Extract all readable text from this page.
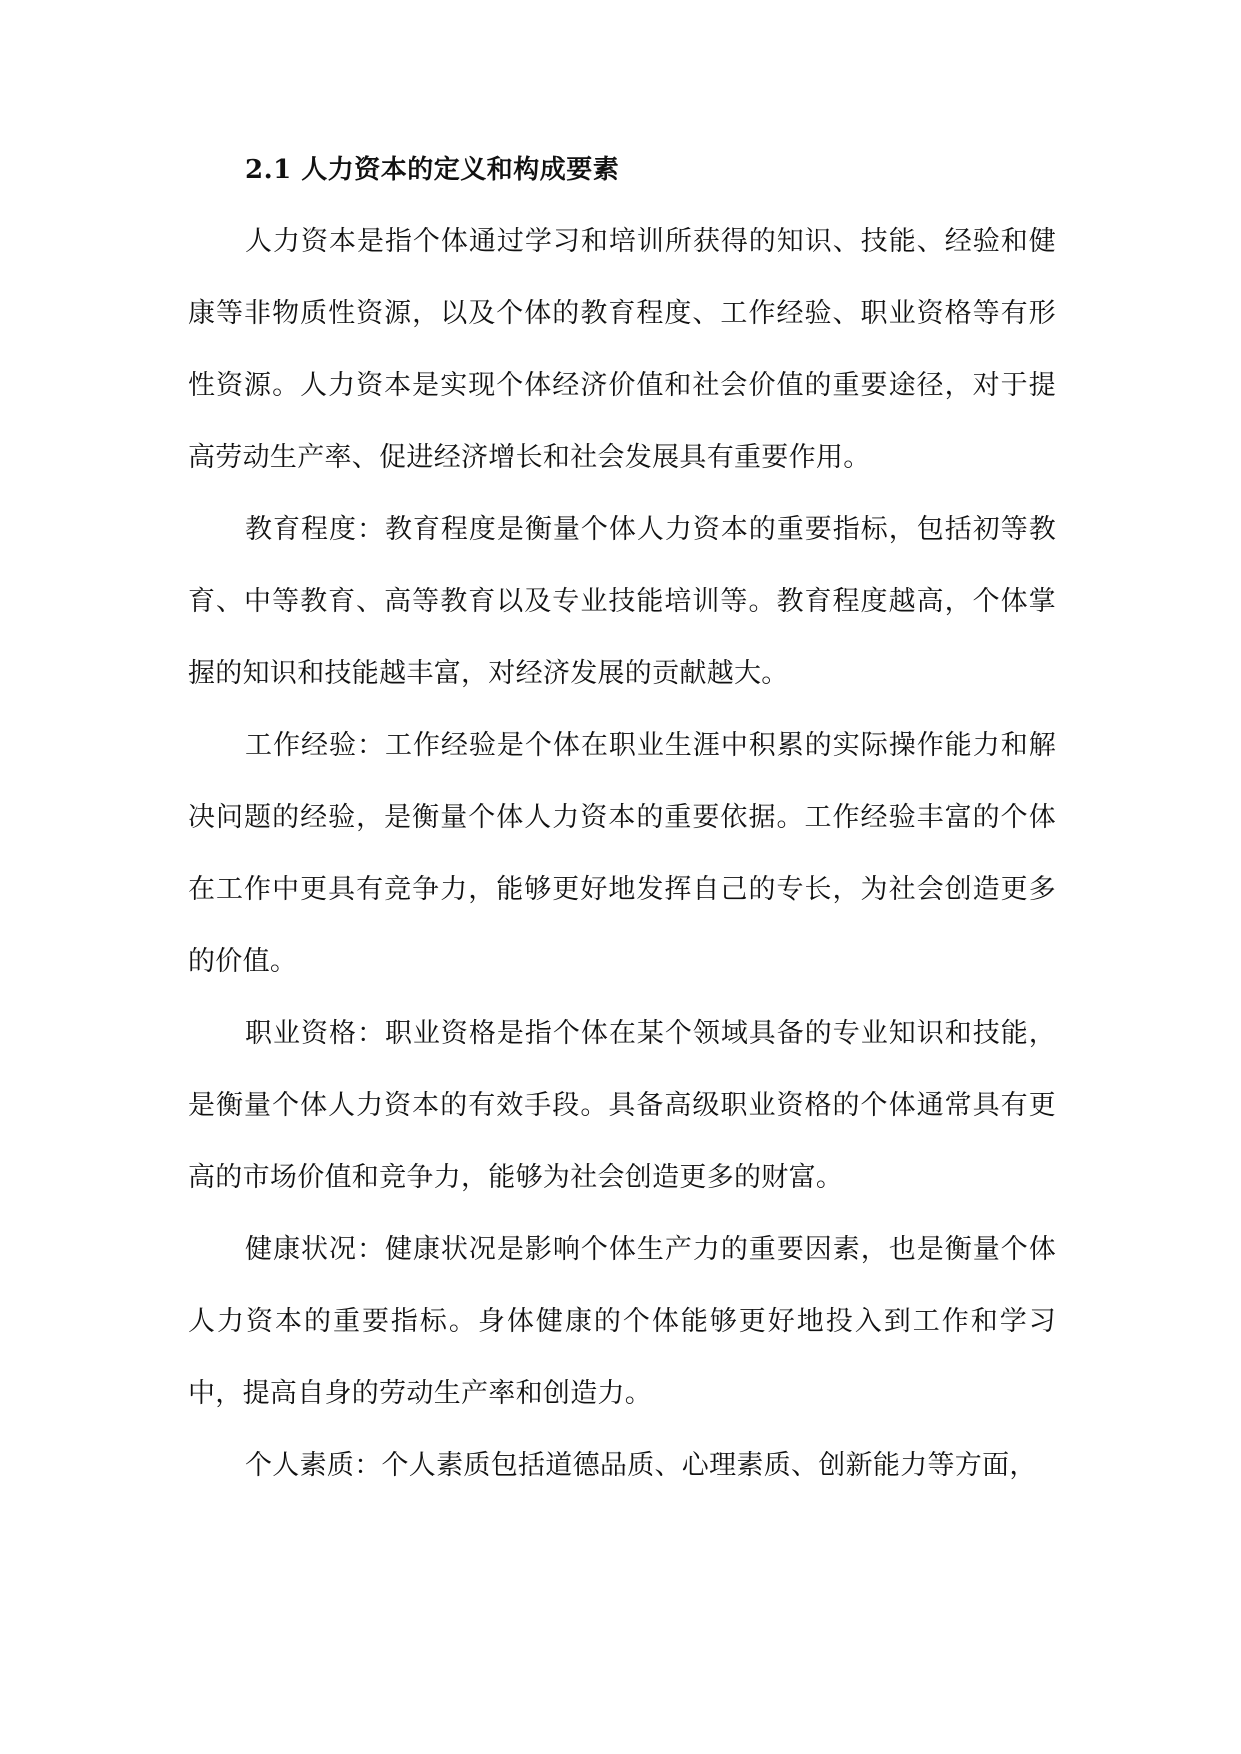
2.1 人力资本的定义和构成要素

人力资本是指个体通过学习和培训所获得的知识、技能、经验和健康等非物质性资源，以及个体的教育程度、工作经验、职业资格等有形性资源。人力资本是实现个体经济价值和社会价值的重要途径，对于提高劳动生产率、促进经济增长和社会发展具有重要作用。

教育程度：教育程度是衡量个体人力资本的重要指标，包括初等教育、中等教育、高等教育以及专业技能培训等。教育程度越高，个体掌握的知识和技能越丰富，对经济发展的贡献越大。

工作经验：工作经验是个体在职业生涯中积累的实际操作能力和解决问题的经验，是衡量个体人力资本的重要依据。工作经验丰富的个体在工作中更具有竞争力，能够更好地发挥自己的专长，为社会创造更多的价值。

职业资格：职业资格是指个体在某个领域具备的专业知识和技能，是衡量个体人力资本的有效手段。具备高级职业资格的个体通常具有更高的市场价值和竞争力，能够为社会创造更多的财富。

健康状况：健康状况是影响个体生产力的重要因素，也是衡量个体人力资本的重要指标。身体健康的个体能够更好地投入到工作和学习中，提高自身的劳动生产率和创造力。

个人素质：个人素质包括道德品质、心理素质、创新能力等方面，
